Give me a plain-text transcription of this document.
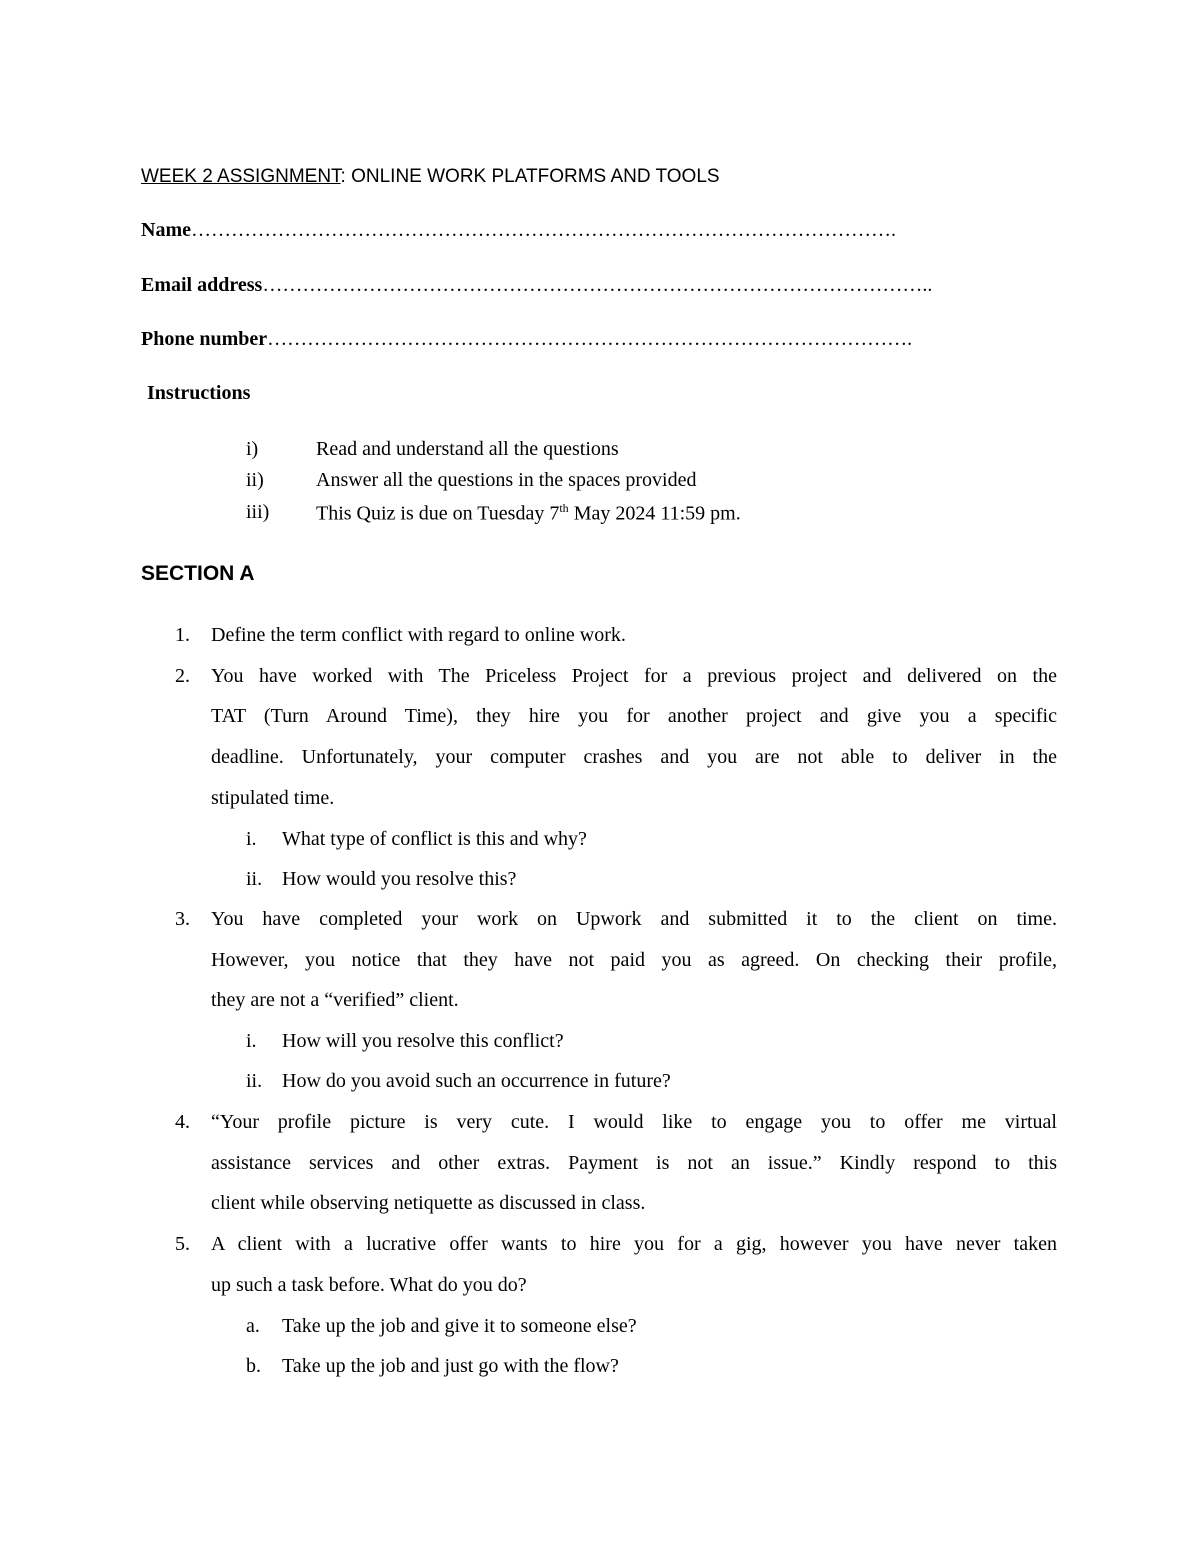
WEEK 2 ASSIGNMENT: ONLINE WORK PLATFORMS AND TOOLS
Name…………………………………………………………………………………………….
Email address………………………………………………………………………………………..
Phone number…………………………………………………………………………………….
Instructions
i)	Read and understand all the questions
ii)	Answer all the questions in the spaces provided
iii) This Quiz is due on Tuesday 7th May 2024 11:59 pm.
SECTION A
1. Define the term conflict with regard to online work.
2. You have worked with The Priceless Project for a previous project and delivered on the
TAT (Turn Around Time), they hire you for another project and give you a specific
deadline. Unfortunately, your computer crashes and you are not able to deliver in the
stipulated time.
i. What type of conflict is this and why?
ii. How would you resolve this?
3. You have completed your work on Upwork and submitted it to the client on time.
However, you notice that they have not paid you as agreed. On checking their profile,
they are not a “verified” client.
i. How will you resolve this conflict?
ii. How do you avoid such an occurrence in future?
4. “Your profile picture is very cute. I would like to engage you to offer me virtual
assistance services and other extras. Payment is not an issue.” Kindly respond to this
client while observing netiquette as discussed in class.
5. A client with a lucrative offer wants to hire you for a gig, however you have never taken
up such a task before. What do you do?
a. Take up the job and give it to someone else?
b. Take up the job and just go with the flow?
